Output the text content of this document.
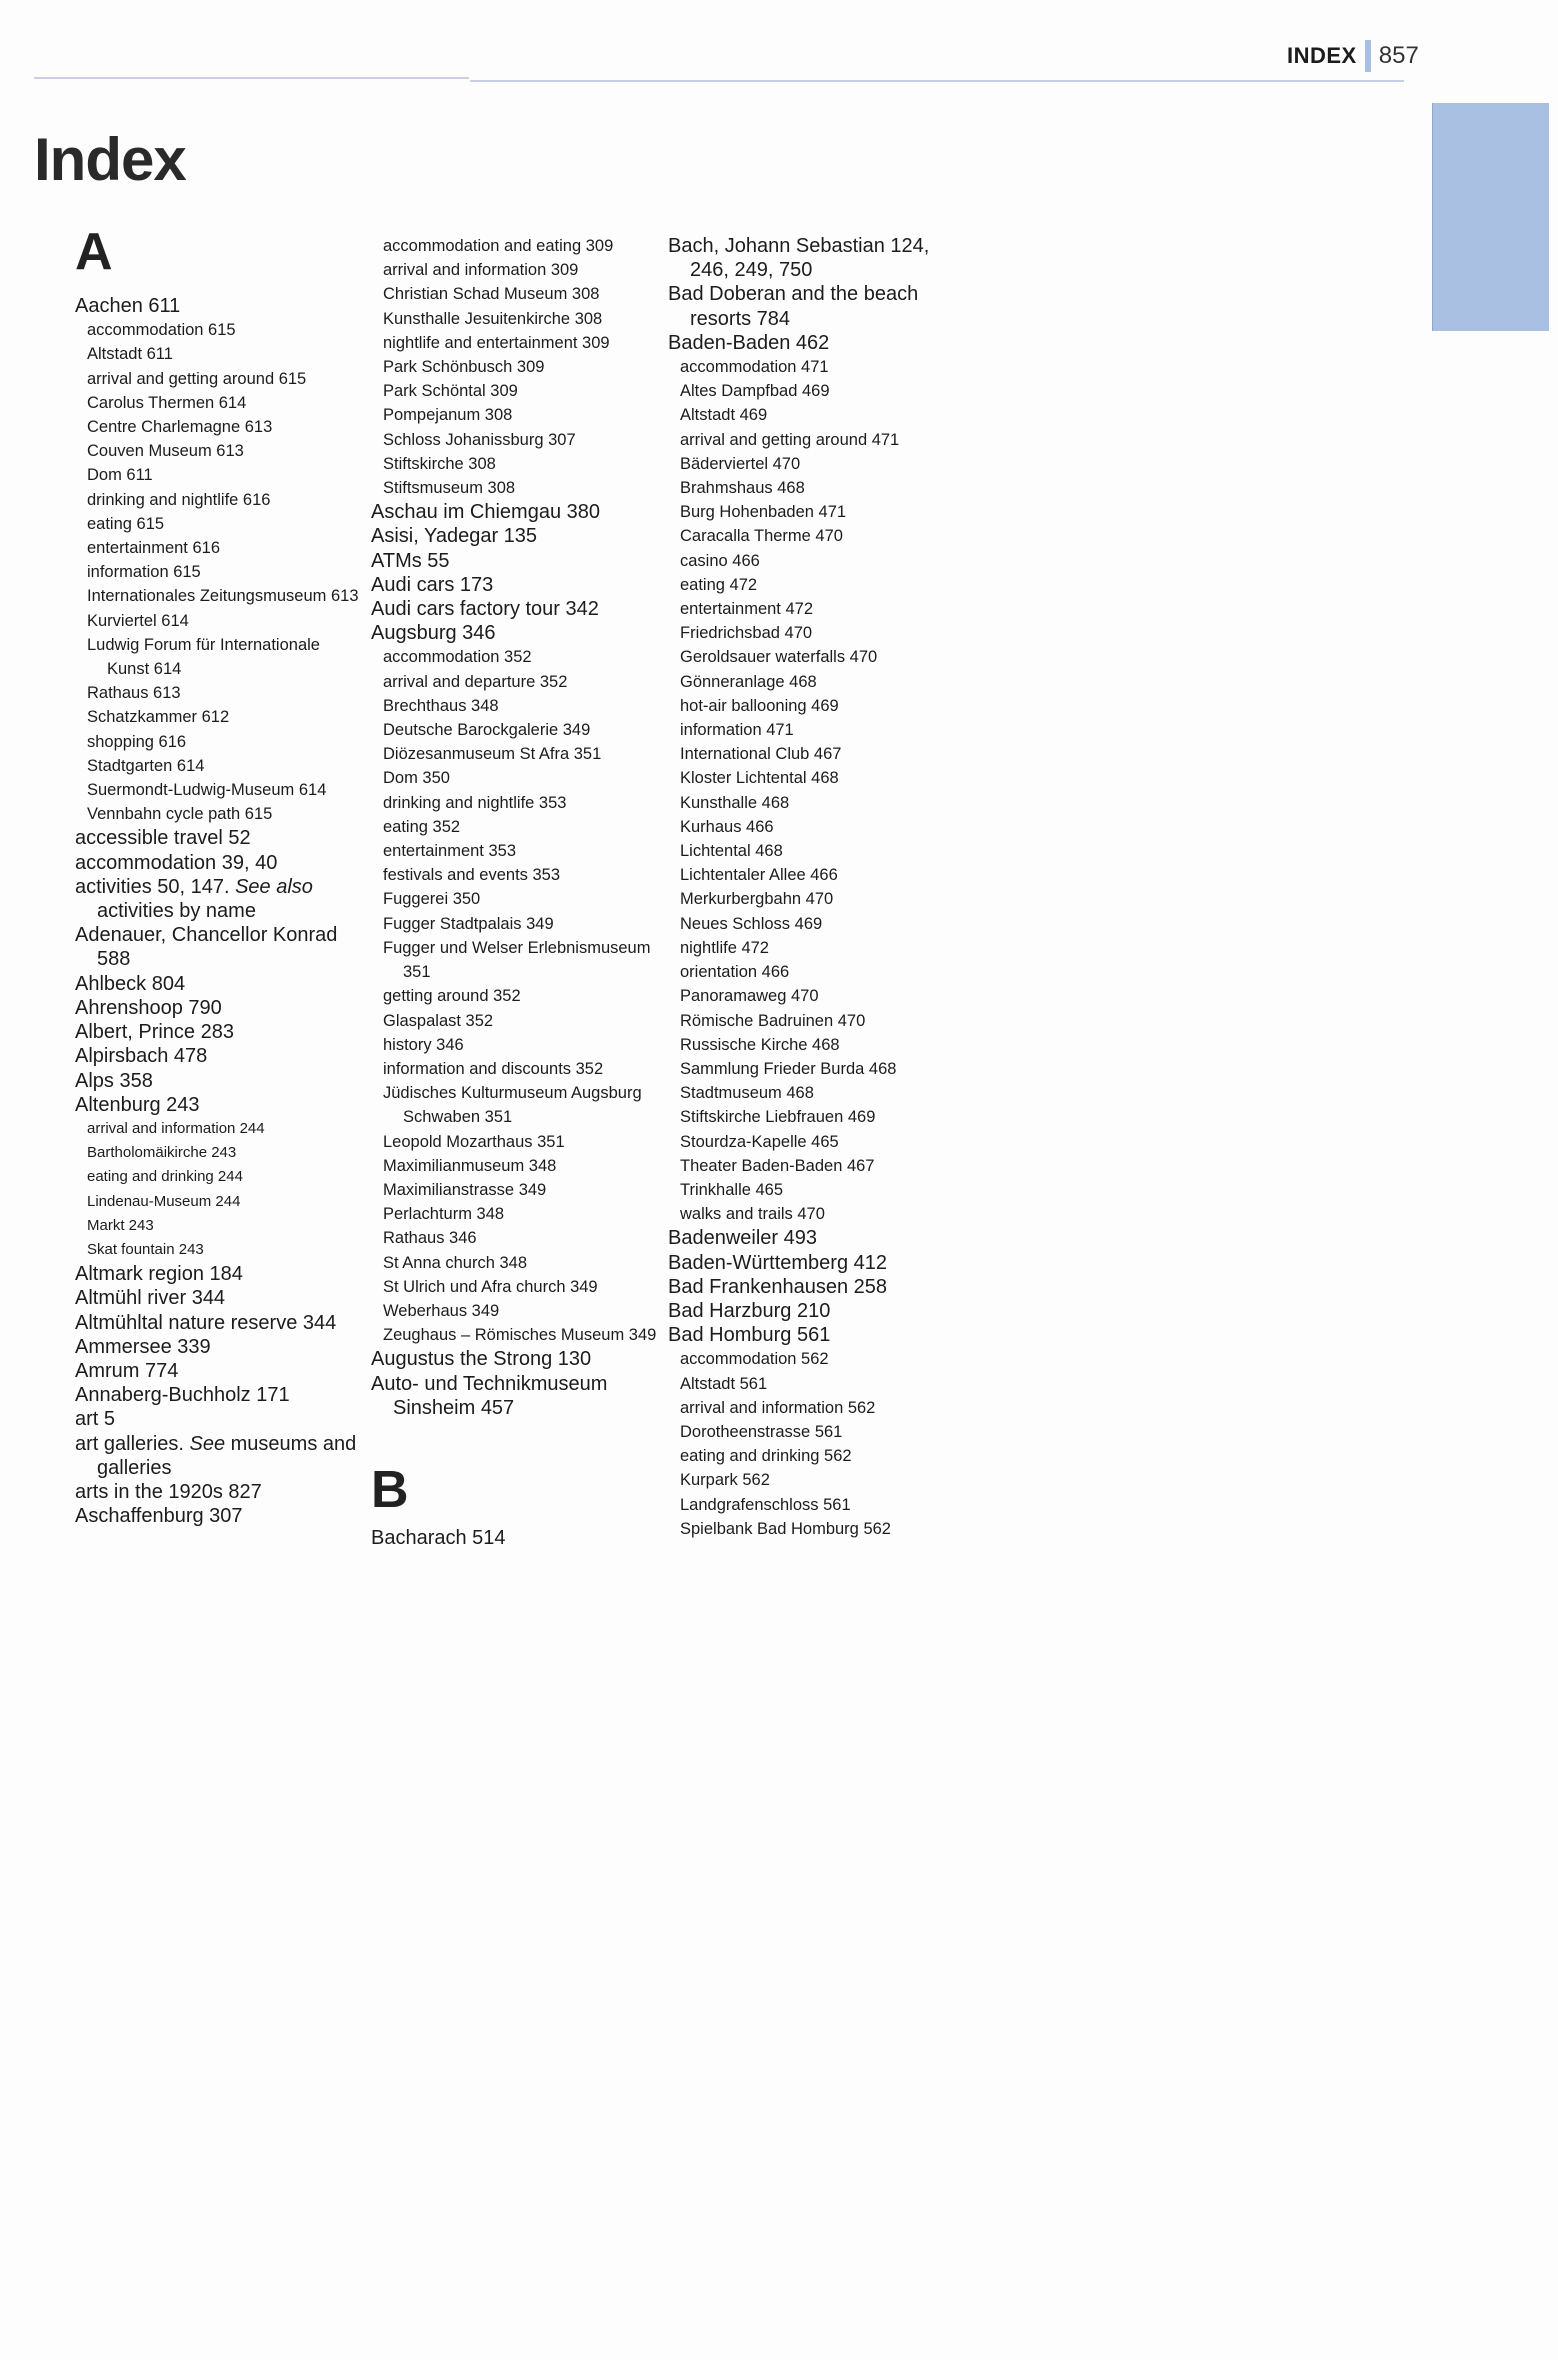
INDEX 857
Index
A
Aachen 611
accommodation 615
Altstadt 611
arrival and getting around 615
Carolus Thermen 614
Centre Charlemagne 613
Couven Museum 613
Dom 611
drinking and nightlife 616
eating 615
entertainment 616
information 615
Internationales Zeitungsmuseum 613
Kurviertel 614
Ludwig Forum für Internationale Kunst 614
Rathaus 613
Schatzkammer 612
shopping 616
Stadtgarten 614
Suermondt-Ludwig-Museum 614
Vennbahn cycle path 615
accessible travel 52
accommodation 39, 40
activities 50, 147. See also activities by name
Adenauer, Chancellor Konrad 588
Ahlbeck 804
Ahrenshoop 790
Albert, Prince 283
Alpirsbach 478
Alps 358
Altenburg 243
arrival and information 244
Bartholomäikirche 243
eating and drinking 244
Lindenau-Museum 244
Markt 243
Skat fountain 243
Altmark region 184
Altmühl river 344
Altmühltal nature reserve 344
Ammersee 339
Amrum 774
Annaberg-Buchholz 171
art 5
art galleries. See museums and galleries
arts in the 1920s 827
Aschaffenburg 307
accommodation and eating 309
arrival and information 309
Christian Schad Museum 308
Kunsthalle Jesuitenkirche 308
nightlife and entertainment 309
Park Schönbusch 309
Park Schöntal 309
Pompejanum 308
Schloss Johanissburg 307
Stiftskirche 308
Stiftsmuseum 308
Aschau im Chiemgau 380
Asisi, Yadegar 135
ATMs 55
Audi cars 173
Audi cars factory tour 342
Augsburg 346
accommodation 352
arrival and departure 352
Brechthaus 348
Deutsche Barockgalerie 349
Diözesanmuseum St Afra 351
Dom 350
drinking and nightlife 353
eating 352
entertainment 353
festivals and events 353
Fuggerei 350
Fugger Stadtpalais 349
Fugger und Welser Erlebnismuseum 351
getting around 352
Glaspalast 352
history 346
information and discounts 352
Jüdisches Kulturmuseum Augsburg Schwaben 351
Leopold Mozarthaus 351
Maximilianmuseum 348
Maximilianstrasse 349
Perlachturm 348
Rathaus 346
St Anna church 348
St Ulrich und Afra church 349
Weberhaus 349
Zeughaus – Römisches Museum 349
Augustus the Strong 130
Auto- und Technikmuseum Sinsheim 457
B
Bacharach 514
Bach, Johann Sebastian 124, 246, 249, 750
Bad Doberan and the beach resorts 784
Baden-Baden 462
accommodation 471
Altes Dampfbad 469
Altstadt 469
arrival and getting around 471
Bäderviertel 470
Brahmshaus 468
Burg Hohenbaden 471
Caracalla Therme 470
casino 466
eating 472
entertainment 472
Friedrichsbad 470
Geroldsauer waterfalls 470
Gönneranlage 468
hot-air ballooning 469
information 471
International Club 467
Kloster Lichtental 468
Kunsthalle 468
Kurhaus 466
Lichtental 468
Lichtentaler Allee 466
Merkurbergbahn 470
Neues Schloss 469
nightlife 472
orientation 466
Panoramaweg 470
Römische Badruinen 470
Russische Kirche 468
Sammlung Frieder Burda 468
Stadtmuseum 468
Stiftskirche Liebfrauen 469
Stourdza-Kapelle 465
Theater Baden-Baden 467
Trinkhalle 465
walks and trails 470
Badenweiler 493
Baden-Württemberg 412
Bad Frankenhausen 258
Bad Harzburg 210
Bad Homburg 561
accommodation 562
Altstadt 561
arrival and information 562
Dorotheenstrasse 561
eating and drinking 562
Kurpark 562
Landgrafenschloss 561
Spielbank Bad Homburg 562
